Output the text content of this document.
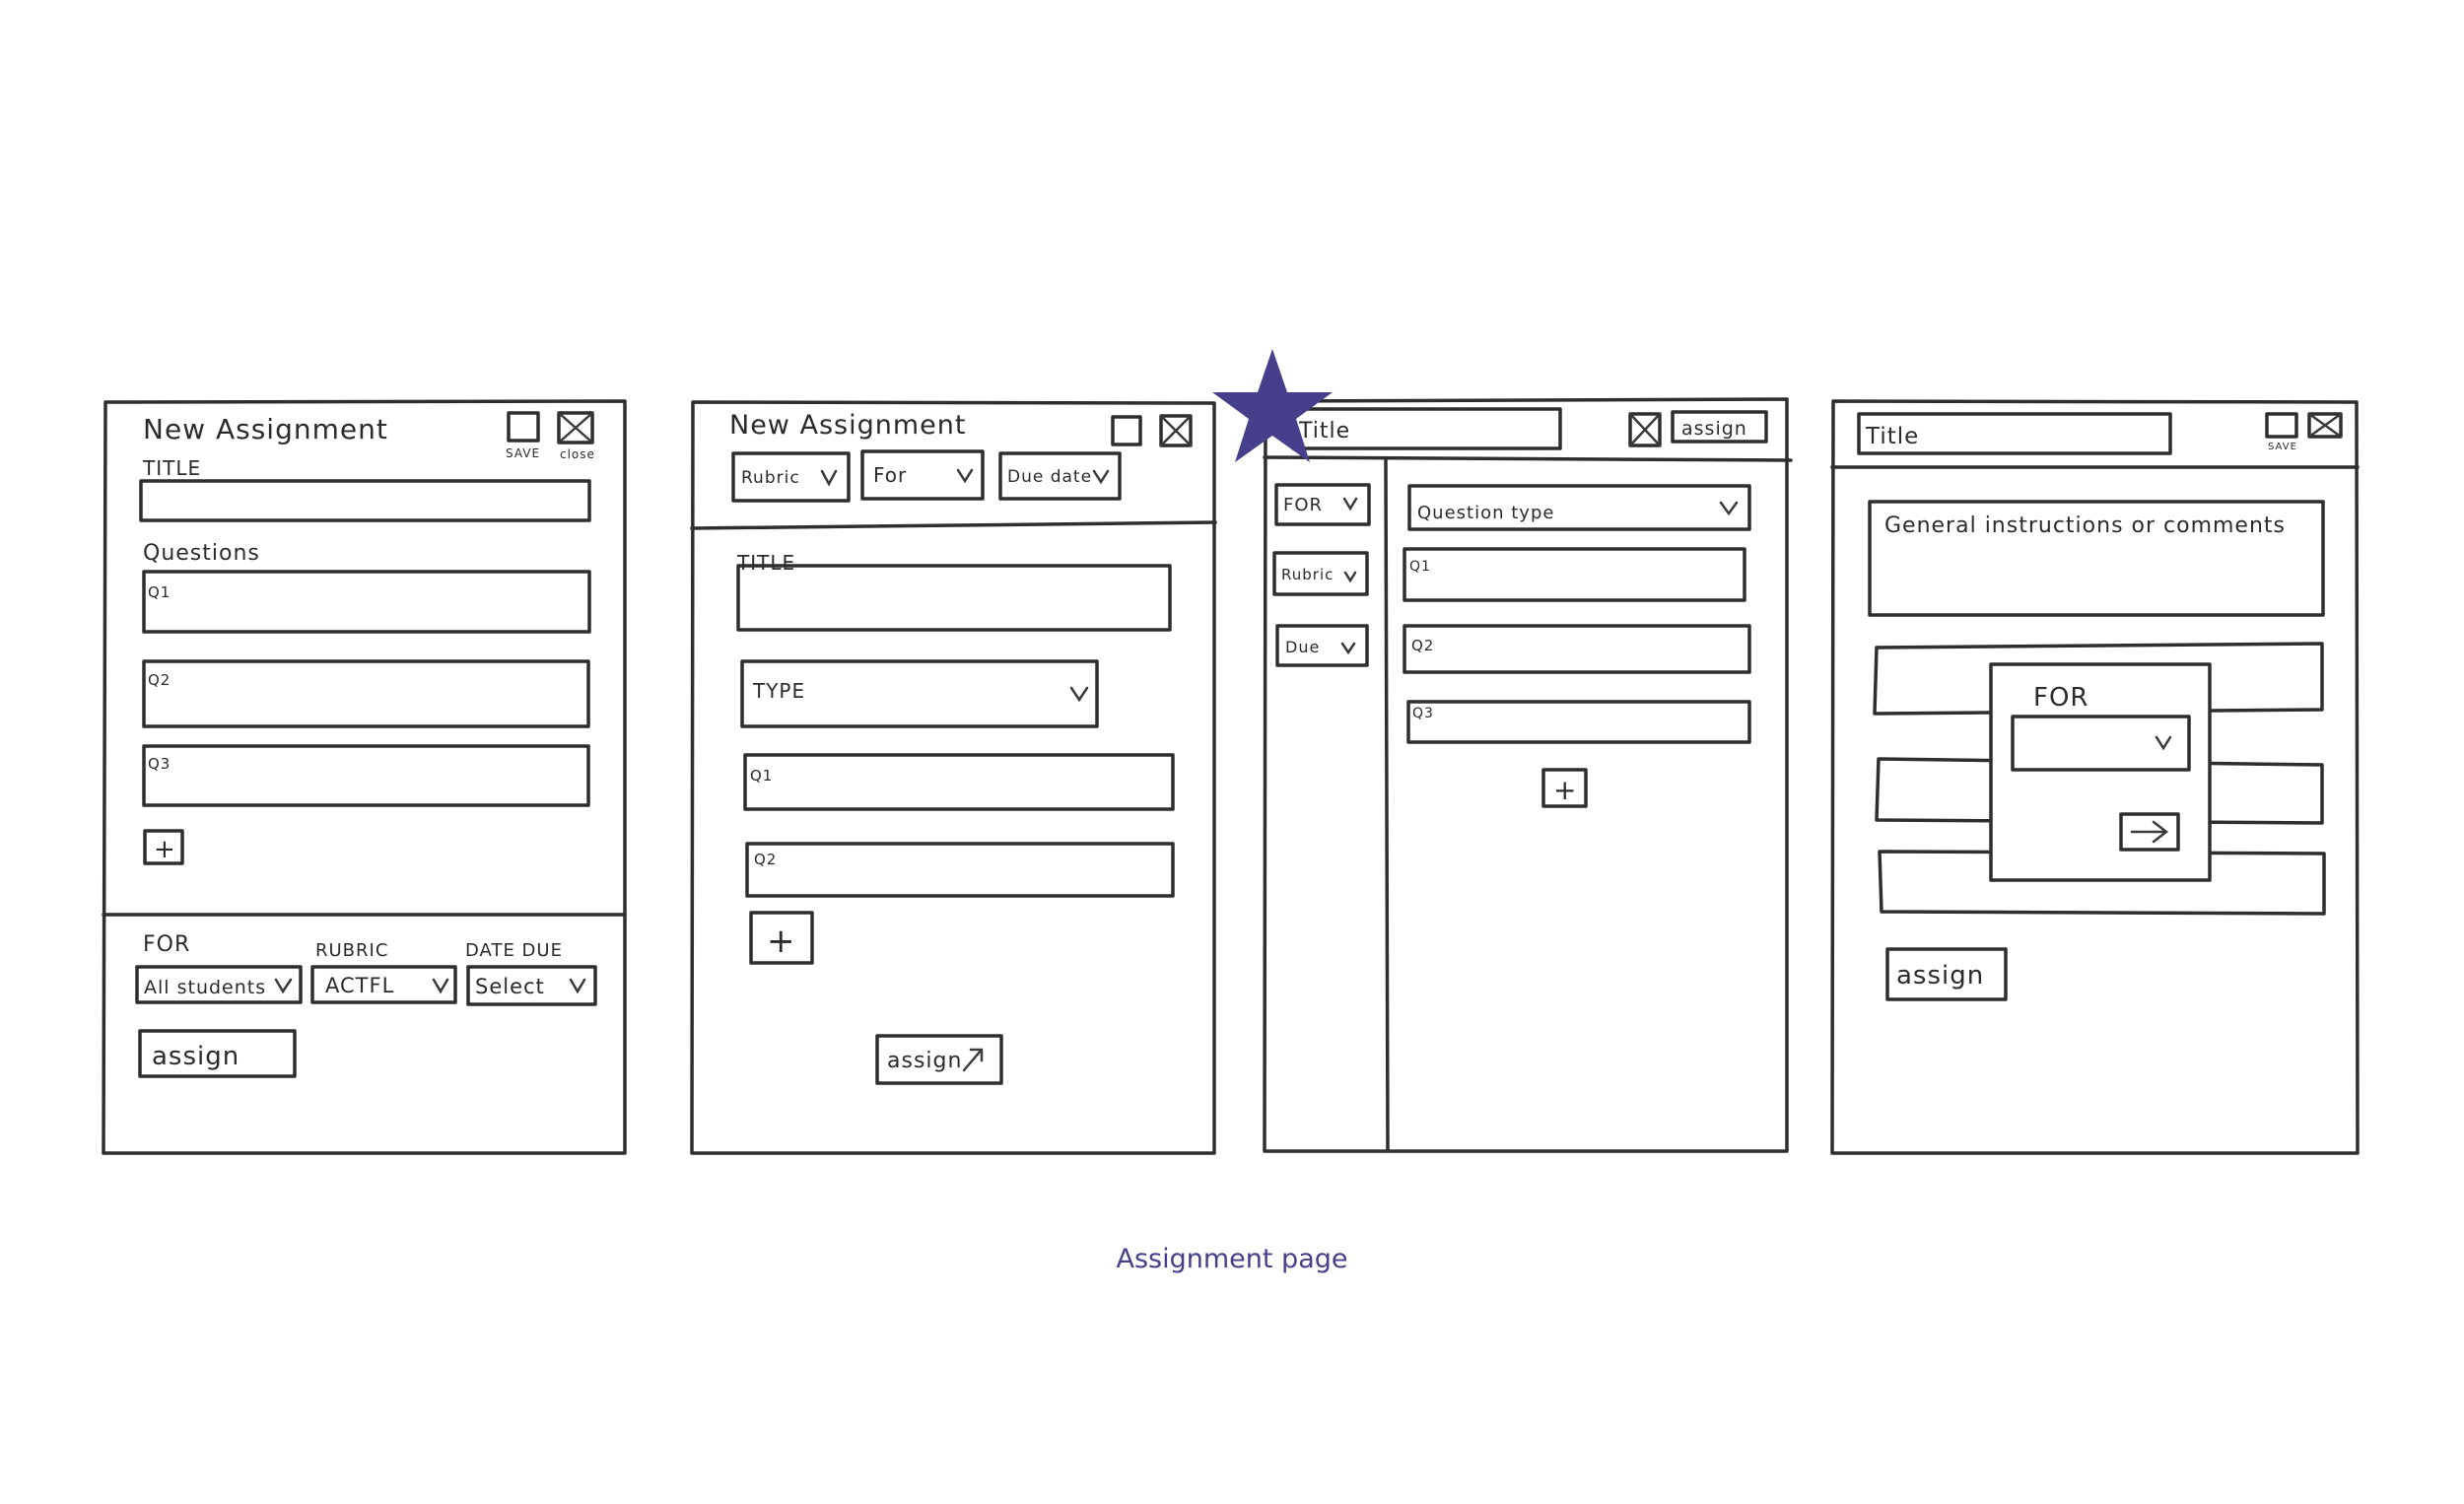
New Assignment
SAVE close
TITLE
Questions
Q1
Q2
Q3
+
FOR	RUBRIC	DATE DUE
All students	ACTFL	Select
assign
New Assignment
Rubric	For	Due date
TITLE
TYPE
Q1
Q2
+
assign
Title	assign
FOR
Rubric
Due
Question type
Q1
Q2
Q3
+
Title	SAVE
General instructions or comments
FOR
assign
Assignment page
